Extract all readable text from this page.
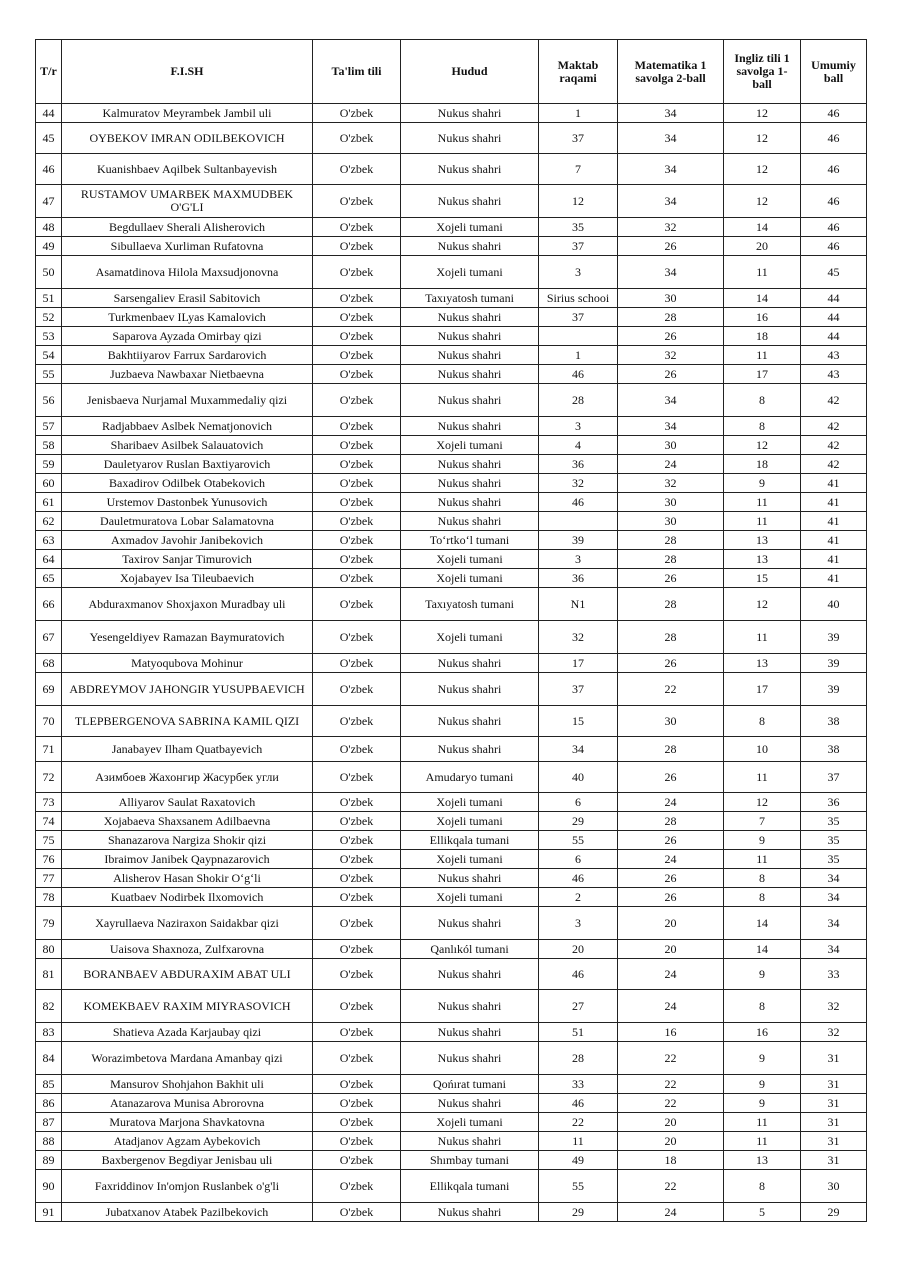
T/r	F.I.SH	Ta'lim tili	Hudud	Maktab raqami	Matematika 1 savolga 2-ball	Ingliz tili 1 savolga 1-ball	Umumiy ball
44	Kalmuratov Meyrambek Jambil uli	O'zbek	Nukus shahri	1	34	12	46
45	OYBEKOV IMRAN ODILBEKOVICH	O'zbek	Nukus shahri	37	34	12	46
46	Kuanishbaev Aqilbek Sultanbayevish	O'zbek	Nukus shahri	7	34	12	46
47	RUSTAMOV UMARBEK MAXMUDBEK O'G'LI	O'zbek	Nukus shahri	12	34	12	46
48	Begdullaev Sherali Alisherovich	O'zbek	Xojeli tumani	35	32	14	46
49	Sibullaeva Xurliman Rufatovna	O'zbek	Nukus shahri	37	26	20	46
50	Asamatdinova Hilola Maxsudjonovna	O'zbek	Xojeli tumani	3	34	11	45
51	Sarsengaliev Erasil Sabitovich	O'zbek	Taxıyatosh tumani	Sirius schooi	30	14	44
52	Turkmenbaev ILyas Kamalovich	O'zbek	Nukus shahri	37	28	16	44
53	Saparova Ayzada Omirbay qizi	O'zbek	Nukus shahri		26	18	44
54	Bakhtiiyarov Farrux Sardarovich	O'zbek	Nukus shahri	1	32	11	43
55	Juzbaeva Nawbaxar Nietbaevna	O'zbek	Nukus shahri	46	26	17	43
56	Jenisbaeva Nurjamal Muxammedaliy qizi	O'zbek	Nukus shahri	28	34	8	42
57	Radjabbaev Aslbek Nematjonovich	O'zbek	Nukus shahri	3	34	8	42
58	Sharibaev Asilbek Salauatovich	O'zbek	Xojeli tumani	4	30	12	42
59	Dauletyarov Ruslan Baxtiyarovich	O'zbek	Nukus shahri	36	24	18	42
60	Baxadirov Odilbek Otabekovich	O'zbek	Nukus shahri	32	32	9	41
61	Urstemov Dastonbek Yunusovich	O'zbek	Nukus shahri	46	30	11	41
62	Dauletmuratova Lobar Salamatovna	O'zbek	Nukus shahri		30	11	41
63	Axmadov Javohir Janibekovich	O'zbek	To‘rtko‘l tumani	39	28	13	41
64	Taxirov Sanjar Timurovich	O'zbek	Xojeli tumani	3	28	13	41
65	Xojabayev Isa Tileubaevich	O'zbek	Xojeli tumani	36	26	15	41
66	Abduraxmanov Shoxjaxon Muradbay uli	O'zbek	Taxıyatosh tumani	N1	28	12	40
67	Yesengeldiyev Ramazan Baymuratovich	O'zbek	Xojeli tumani	32	28	11	39
68	Matyoqubova Mohinur	O'zbek	Nukus shahri	17	26	13	39
69	ABDREYMOV JAHONGIR YUSUPBAEVICH	O'zbek	Nukus shahri	37	22	17	39
70	TLEPBERGENOVA SABRINA KAMIL QIZI	O'zbek	Nukus shahri	15	30	8	38
71	Janabayev Ilham Quatbayevich	O'zbek	Nukus shahri	34	28	10	38
72	Азимбоев Жахонгир Жасурбек угли	O'zbek	Amudaryo tumani	40	26	11	37
73	Alliyarov Saulat Raxatovich	O'zbek	Xojeli tumani	6	24	12	36
74	Xojabaeva Shaxsanem Adilbaevna	O'zbek	Xojeli tumani	29	28	7	35
75	Shanazarova Nargiza Shokir qizi	O'zbek	Ellikqala tumani	55	26	9	35
76	Ibraimov Janibek Qaypnazarovich	O'zbek	Xojeli tumani	6	24	11	35
77	Alisherov Hasan Shokir O‘g‘li	O'zbek	Nukus shahri	46	26	8	34
78	Kuatbaev Nodirbek Ilxomovich	O'zbek	Xojeli tumani	2	26	8	34
79	Xayrullaeva Naziraxon Saidakbar qizi	O'zbek	Nukus shahri	3	20	14	34
80	Uaisova Shaxnoza, Zulfxarovna	O'zbek	Qanlıkól tumani	20	20	14	34
81	BORANBAEV ABDURAXIM ABAT ULI	O'zbek	Nukus shahri	46	24	9	33
82	KOMEKBAEV RAXIM MIYRASOVICH	O'zbek	Nukus shahri	27	24	8	32
83	Shatieva Azada Karjaubay qizi	O'zbek	Nukus shahri	51	16	16	32
84	Worazimbetova Mardana Amanbay qizi	O'zbek	Nukus shahri	28	22	9	31
85	Mansurov Shohjahon Bakhit uli	O'zbek	Qońırat tumani	33	22	9	31
86	Atanazarova Munisa Abrorovna	O'zbek	Nukus shahri	46	22	9	31
87	Muratova Marjona Shavkatovna	O'zbek	Xojeli tumani	22	20	11	31
88	Atadjanov Agzam Aybekovich	O'zbek	Nukus shahri	11	20	11	31
89	Baxbergenov Begdiyar Jenisbau uli	O'zbek	Shımbay tumani	49	18	13	31
90	Faxriddinov In'omjon Ruslanbek o'g'li	O'zbek	Ellikqala tumani	55	22	8	30
91	Jubatxanov Atabek Pazilbekovich	O'zbek	Nukus shahri	29	24	5	29
